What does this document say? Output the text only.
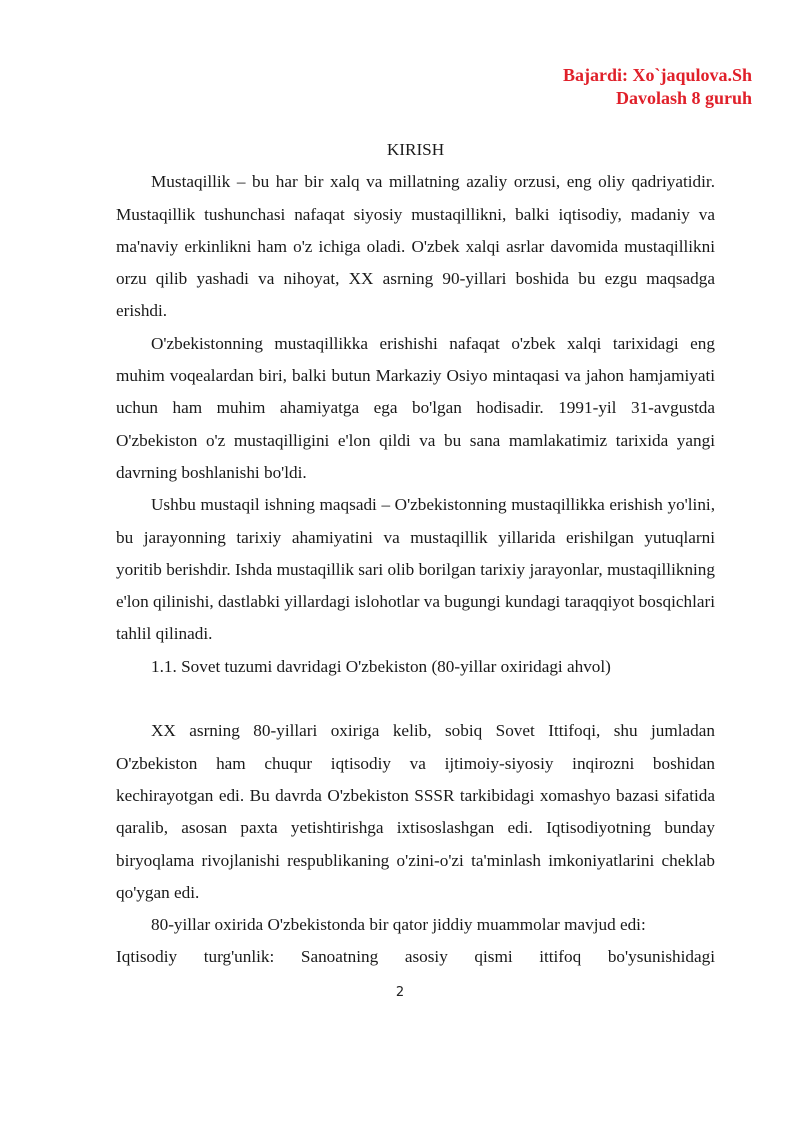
Bajardi: Xo`jaqulova.Sh
Davolash 8 guruh

KIRISH

Mustaqillik – bu har bir xalq va millatning azaliy orzusi, eng oliy qadriyatidir. Mustaqillik tushunchasi nafaqat siyosiy mustaqillikni, balki iqtisodiy, madaniy va ma'naviy erkinlikni ham o'z ichiga oladi. O'zbek xalqi asrlar davomida mustaqillikni orzu qilib yashadi va nihoyat, XX asrning 90-yillari boshida bu ezgu maqsadga erishdi.

O'zbekistonning mustaqillikka erishishi nafaqat o'zbek xalqi tarixidagi eng muhim voqealardan biri, balki butun Markaziy Osiyo mintaqasi va jahon hamjamiyati uchun ham muhim ahamiyatga ega bo'lgan hodisadir. 1991-yil 31-avgustda O'zbekiston o'z mustaqilligini e'lon qildi va bu sana mamlakatimiz tarixida yangi davrning boshlanishi bo'ldi.

Ushbu mustaqil ishning maqsadi – O'zbekistonning mustaqillikka erishish yo'lini, bu jarayonning tarixiy ahamiyatini va mustaqillik yillarida erishilgan yutuqlarni yoritib berishdir. Ishda mustaqillik sari olib borilgan tarixiy jarayonlar, mustaqillikning e'lon qilinishi, dastlabki yillardagi islohotlar va bugungi kundagi taraqqiyot bosqichlari tahlil qilinadi.

1.1. Sovet tuzumi davridagi O'zbekiston (80-yillar oxiridagi ahvol)

XX asrning 80-yillari oxiriga kelib, sobiq Sovet Ittifoqi, shu jumladan O'zbekiston ham chuqur iqtisodiy va ijtimoiy-siyosiy inqirozni boshidan kechirayotgan edi. Bu davrda O'zbekiston SSSR tarkibidagi xomashyo bazasi sifatida qaralib, asosan paxta yetishtirishga ixtisoslashgan edi. Iqtisodiyotning bunday biryoqlama rivojlanishi respublikaning o'zini-o'zi ta'minlash imkoniyatlarini cheklab qo'ygan edi.

80-yillar oxirida O'zbekistonda bir qator jiddiy muammolar mavjud edi:

Iqtisodiy turg'unlik: Sanoatning asosiy qismi ittifoq bo'ysunishidagi

2
